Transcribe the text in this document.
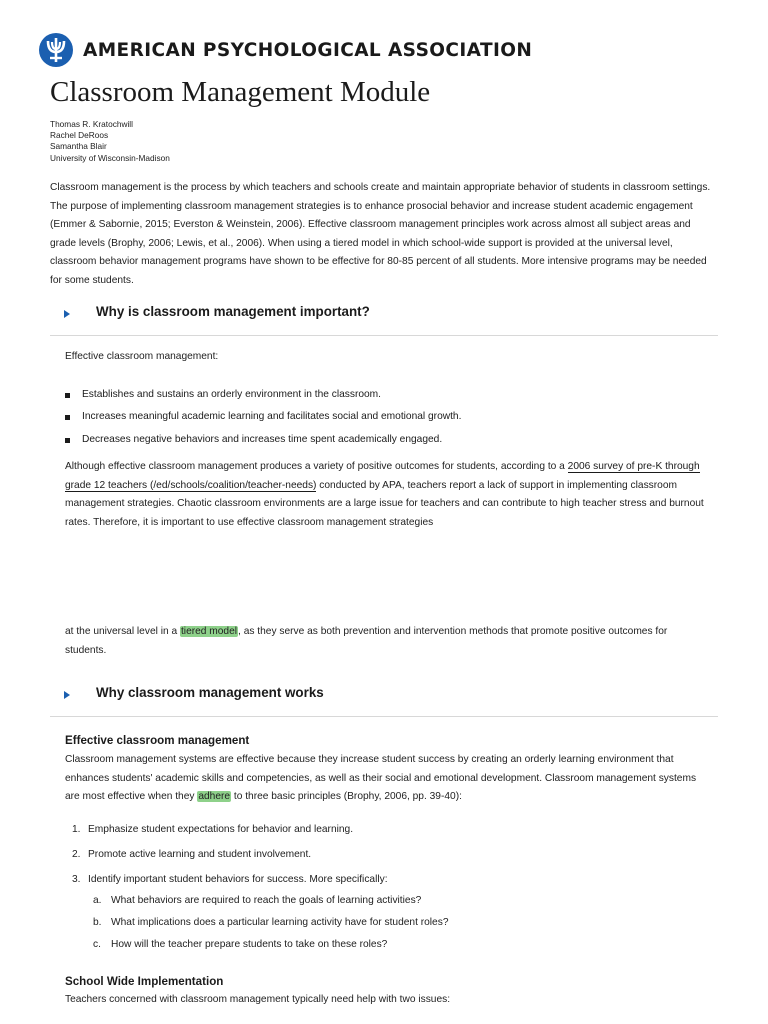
AMERICAN PSYCHOLOGICAL ASSOCIATION
Classroom Management Module
Thomas R. Kratochwill
Rachel DeRoos
Samantha Blair
University of Wisconsin-Madison

Classroom management is the process by which teachers and schools create and maintain appropriate behavior of students in classroom settings. The purpose of implementing classroom management strategies is to enhance prosocial behavior and increase student academic engagement (Emmer & Sabornie, 2015; Everston & Weinstein, 2006). Effective classroom management principles work across almost all subject areas and grade levels (Brophy, 2006; Lewis, et al., 2006). When using a tiered model in which school-wide support is provided at the universal level, classroom behavior management programs have shown to be effective for 80-85 percent of all students. More intensive programs may be needed for some students.

Why is classroom management important?

Effective classroom management:

Establishes and sustains an orderly environment in the classroom.
Increases meaningful academic learning and facilitates social and emotional growth.
Decreases negative behaviors and increases time spent academically engaged.

Although effective classroom management produces a variety of positive outcomes for students, according to a 2006 survey of pre-K through grade 12 teachers (/ed/schools/coalition/teacher-needs) conducted by APA, teachers report a lack of support in implementing classroom management strategies. Chaotic classroom environments are a large issue for teachers and can contribute to high teacher stress and burnout rates. Therefore, it is important to use effective classroom management strategies

at the universal level in a tiered model, as they serve as both prevention and intervention methods that promote positive outcomes for students.

Why classroom management works
Effective classroom management

Classroom management systems are effective because they increase student success by creating an orderly learning environment that enhances students' academic skills and competencies, as well as their social and emotional development. Classroom management systems are most effective when they adhere to three basic principles (Brophy, 2006, pp. 39-40):

1. Emphasize student expectations for behavior and learning.
2. Promote active learning and student involvement.
3. Identify important student behaviors for success. More specifically:
a. What behaviors are required to reach the goals of learning activities?
b. What implications does a particular learning activity have for student roles?
c. How will the teacher prepare students to take on these roles?
School Wide Implementation

Teachers concerned with classroom management typically need help with two issues:
